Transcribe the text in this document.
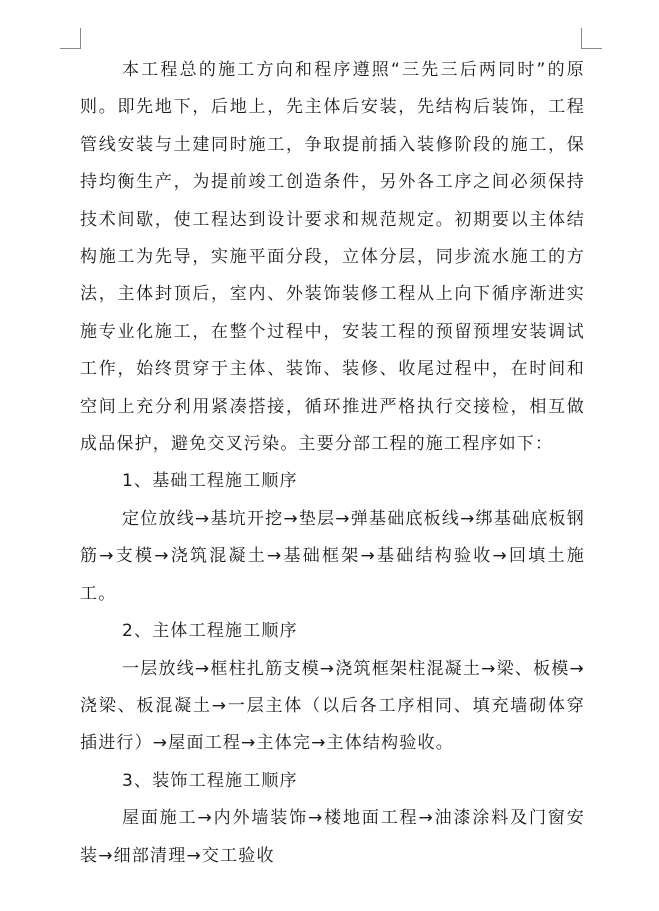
本工程总的施工方向和程序遵照“三先三后两同时”的原则。即先地下，后地上，先主体后安装，先结构后装饰，工程管线安装与土建同时施工，争取提前插入装修阶段的施工，保持均衡生产，为提前竣工创造条件，另外各工序之间必须保持技术间歇，使工程达到设计要求和规范规定。初期要以主体结构施工为先导，实施平面分段，立体分层，同步流水施工的方法，主体封顶后，室内、外装饰装修工程从上向下循序渐进实施专业化施工，在整个过程中，安装工程的预留预埋安装调试工作，始终贯穿于主体、装饰、装修、收尾过程中，在时间和空间上充分利用紧凑搭接，循环推进严格执行交接检，相互做成品保护，避免交叉污染。主要分部工程的施工程序如下：

1、基础工程施工顺序

定位放线→基坑开挖→垫层→弹基础底板线→绑基础底板钢筋→支模→浇筑混凝土→基础框架→基础结构验收→回填土施工。

2、主体工程施工顺序

一层放线→框柱扎筋支模→浇筑框架柱混凝土→梁、板模→浇梁、板混凝土→一层主体（以后各工序相同、填充墙砌体穿插进行）→屋面工程→主体完→主体结构验收。

3、装饰工程施工顺序

屋面施工→内外墙装饰→楼地面工程→油漆涂料及门窗安装→细部清理→交工验收
